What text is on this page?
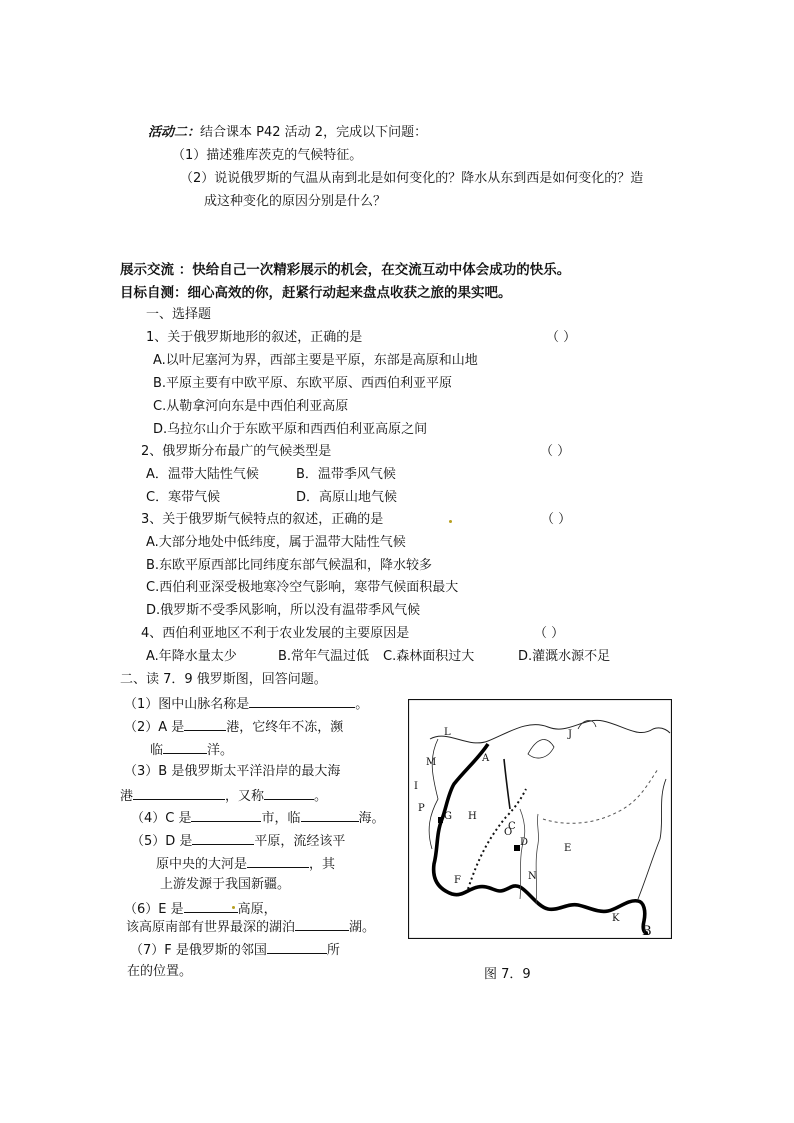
活动二：结合课本 P42 活动 2，完成以下问题：
（1）描述雅库茨克的气候特征。
（2）说说俄罗斯的气温从南到北是如何变化的？降水从东到西是如何变化的？造
成这种变化的原因分别是什么？
展示交流 ：快给自己一次精彩展示的机会，在交流互动中体会成功的快乐。
目标自测：细心高效的你，赶紧行动起来盘点收获之旅的果实吧。
一、选择题
1、关于俄罗斯地形的叙述，正确的是	（ ）
A.以叶尼塞河为界，西部主要是平原，东部是高原和山地
B.平原主要有中欧平原、东欧平原、西西伯利亚平原
C.从勒拿河向东是中西伯利亚高原
D.乌拉尔山介于东欧平原和西西伯利亚高原之间
2、俄罗斯分布最广的气候类型是	（ ）
A．温带大陆性气候	B．温带季风气候
C．寒带气候	D．高原山地气候
3、关于俄罗斯气候特点的叙述，正确的是	（ ）
A.大部分地处中低纬度，属于温带大陆性气候
B.东欧平原西部比同纬度东部气候温和，降水较多
C.西伯利亚深受极地寒冷空气影响，寒带气候面积最大
D.俄罗斯不受季风影响，所以没有温带季风气候
4、西伯利亚地区不利于农业发展的主要原因是	（ ）
A.年降水量太少	B.常年气温过低 C.森林面积过大	D.灌溉水源不足
二、读 7．9 俄罗斯图，回答问题。
（1）图中山脉名称是	。
（2）A 是	港，它终年不冻，濒
临	洋。
（3）B 是俄罗斯太平洋沿岸的最大海
港	，又称	。
（4）C 是	市，临	海。
（5）D 是	平原，流经该平
原中央的大河是	，其
上游发源于我国新疆。
（6）E 是	高原，
该高原南部有世界最深的湖泊	湖。
（7）F 是俄罗斯的邻国	所
在的位置。
A
B
C
D
E
F
G H
I
J
K
L
M
N
O
P
图 7．9
